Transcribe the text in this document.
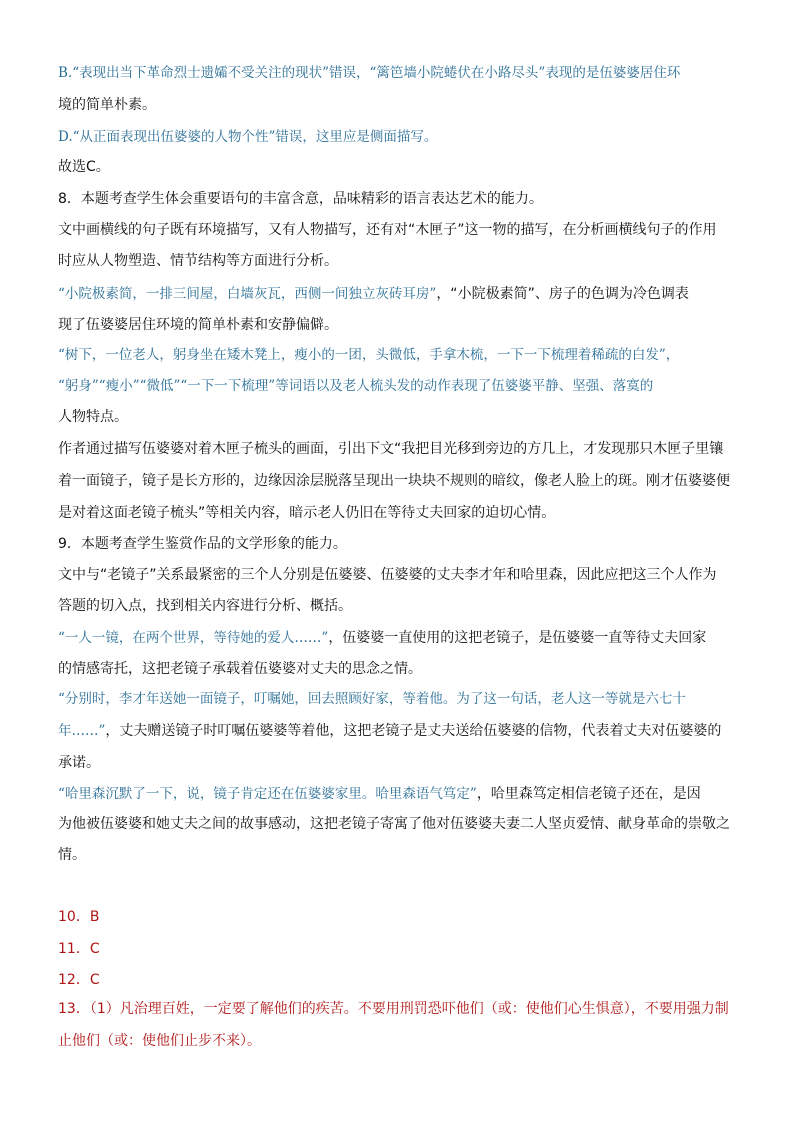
B.“表现出当下革命烈士遗孀不受关注的现状”错误，“篱笆墙小院蜷伏在小路尽头”表现的是伍婆婆居住环
境的简单朴素。
D.“从正面表现出伍婆婆的人物个性”错误，这里应是侧面描写。
故选C。
8．本题考查学生体会重要语句的丰富含意，品味精彩的语言表达艺术的能力。
文中画横线的句子既有环境描写，又有人物描写，还有对“木匣子”这一物的描写，在分析画横线句子的作用
时应从人物塑造、情节结构等方面进行分析。
“小院极素简，一排三间屋，白墙灰瓦，西侧一间独立灰砖耳房”，“小院极素简”、房子的色调为冷色调表
现了伍婆婆居住环境的简单朴素和安静偏僻。
“树下，一位老人，躬身坐在矮木凳上，瘦小的一团，头微低，手拿木梳，一下一下梳理着稀疏的白发”，
“躬身”“瘦小”“微低”“一下一下梳理”等词语以及老人梳头发的动作表现了伍婆婆平静、坚强、落寞的
人物特点。
作者通过描写伍婆婆对着木匣子梳头的画面，引出下文“我把目光移到旁边的方几上，才发现那只木匣子里镶
着一面镜子，镜子是长方形的，边缘因涂层脱落呈现出一块块不规则的暗纹，像老人脸上的斑。刚才伍婆婆便
是对着这面老镜子梳头”等相关内容，暗示老人仍旧在等待丈夫回家的迫切心情。
9．本题考查学生鉴赏作品的文学形象的能力。
文中与“老镜子”关系最紧密的三个人分别是伍婆婆、伍婆婆的丈夫李才年和哈里森，因此应把这三个人作为
答题的切入点，找到相关内容进行分析、概括。
“一人一镜，在两个世界，等待她的爱人……”，伍婆婆一直使用的这把老镜子，是伍婆婆一直等待丈夫回家
的情感寄托，这把老镜子承载着伍婆婆对丈夫的思念之情。
“分别时，李才年送她一面镜子，叮嘱她，回去照顾好家，等着他。为了这一句话，老人这一等就是六七十
年……”，丈夫赠送镜子时叮嘱伍婆婆等着他，这把老镜子是丈夫送给伍婆婆的信物，代表着丈夫对伍婆婆的
承诺。
“哈里森沉默了一下，说，镜子肯定还在伍婆婆家里。哈里森语气笃定”，哈里森笃定相信老镜子还在，是因
为他被伍婆婆和她丈夫之间的故事感动，这把老镜子寄寓了他对伍婆婆夫妻二人坚贞爱情、献身革命的崇敬之
情。
10．B
11．C
12．C
13．（1）凡治理百姓，一定要了解他们的疾苦。不要用刑罚恐吓他们（或：使他们心生惧意），不要用强力制
止他们（或：使他们止步不来）。
